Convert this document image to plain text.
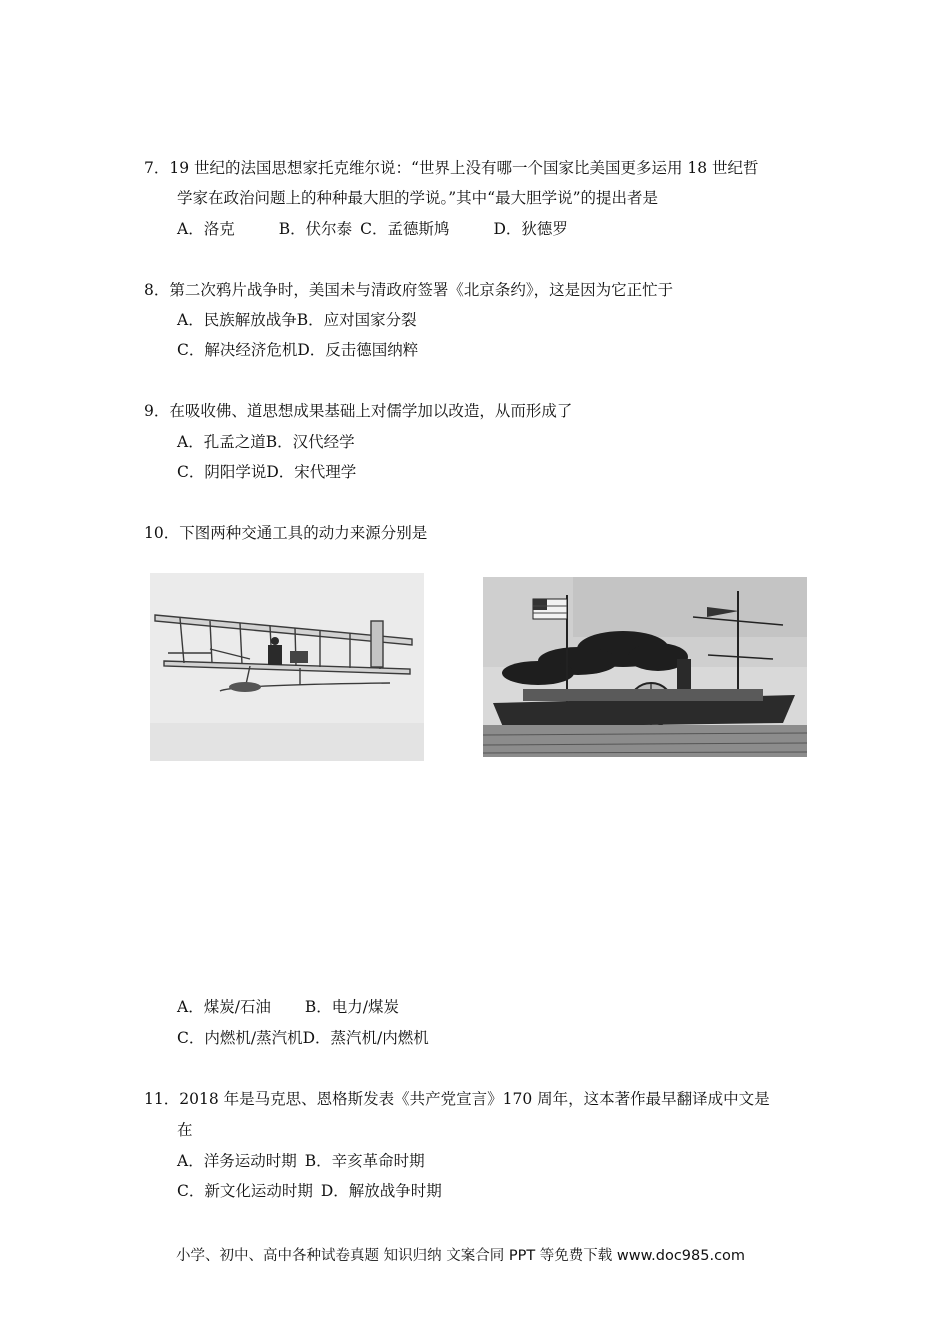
7．19 世纪的法国思想家托克维尔说：“世界上没有哪一个国家比美国更多运用 18 世纪哲
学家在政治问题上的种种最大胆的学说。”其中“最大胆学说”的提出者是
A．洛克	B．伏尔泰 C．孟德斯鸠	D．狄德罗
8．第二次鸦片战争时，美国未与清政府签署《北京条约》，这是因为它正忙于
A．民族解放战争B．应对国家分裂
C．解决经济危机D．反击德国纳粹
9．在吸收佛、道思想成果基础上对儒学加以改造，从而形成了
A．孔孟之道B．汉代经学
C．阴阳学说D．宋代理学
10．下图两种交通工具的动力来源分别是
A．煤炭/石油 B．电力/煤炭
C．内燃机/蒸汽机D．蒸汽机/内燃机
11．2018 年是马克思、恩格斯发表《共产党宣言》170 周年，这本著作最早翻译成中文是
在
A．洋务运动时期 B．辛亥革命时期
C．新文化运动时期 D．解放战争时期
小学、初中、高中各种试卷真题 知识归纳 文案合同 PPT 等免费下载 www.doc985.com
